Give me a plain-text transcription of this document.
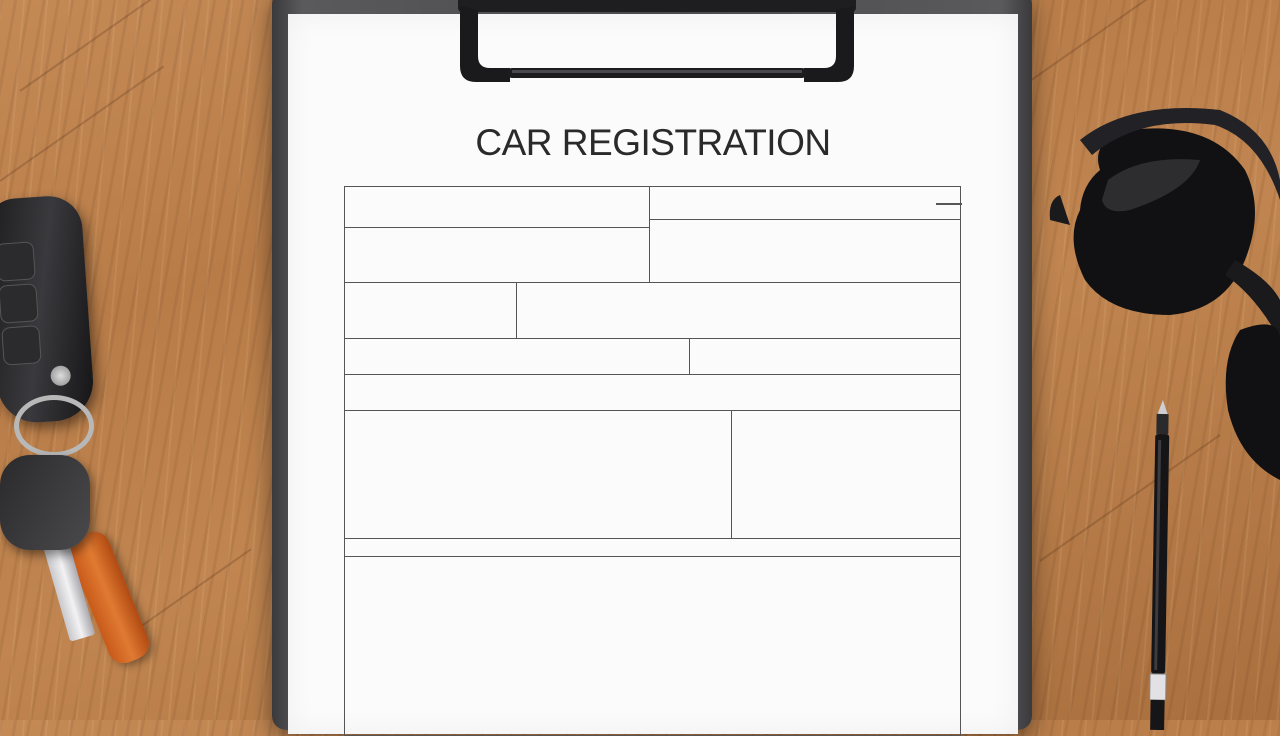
CAR REGISTRATION
